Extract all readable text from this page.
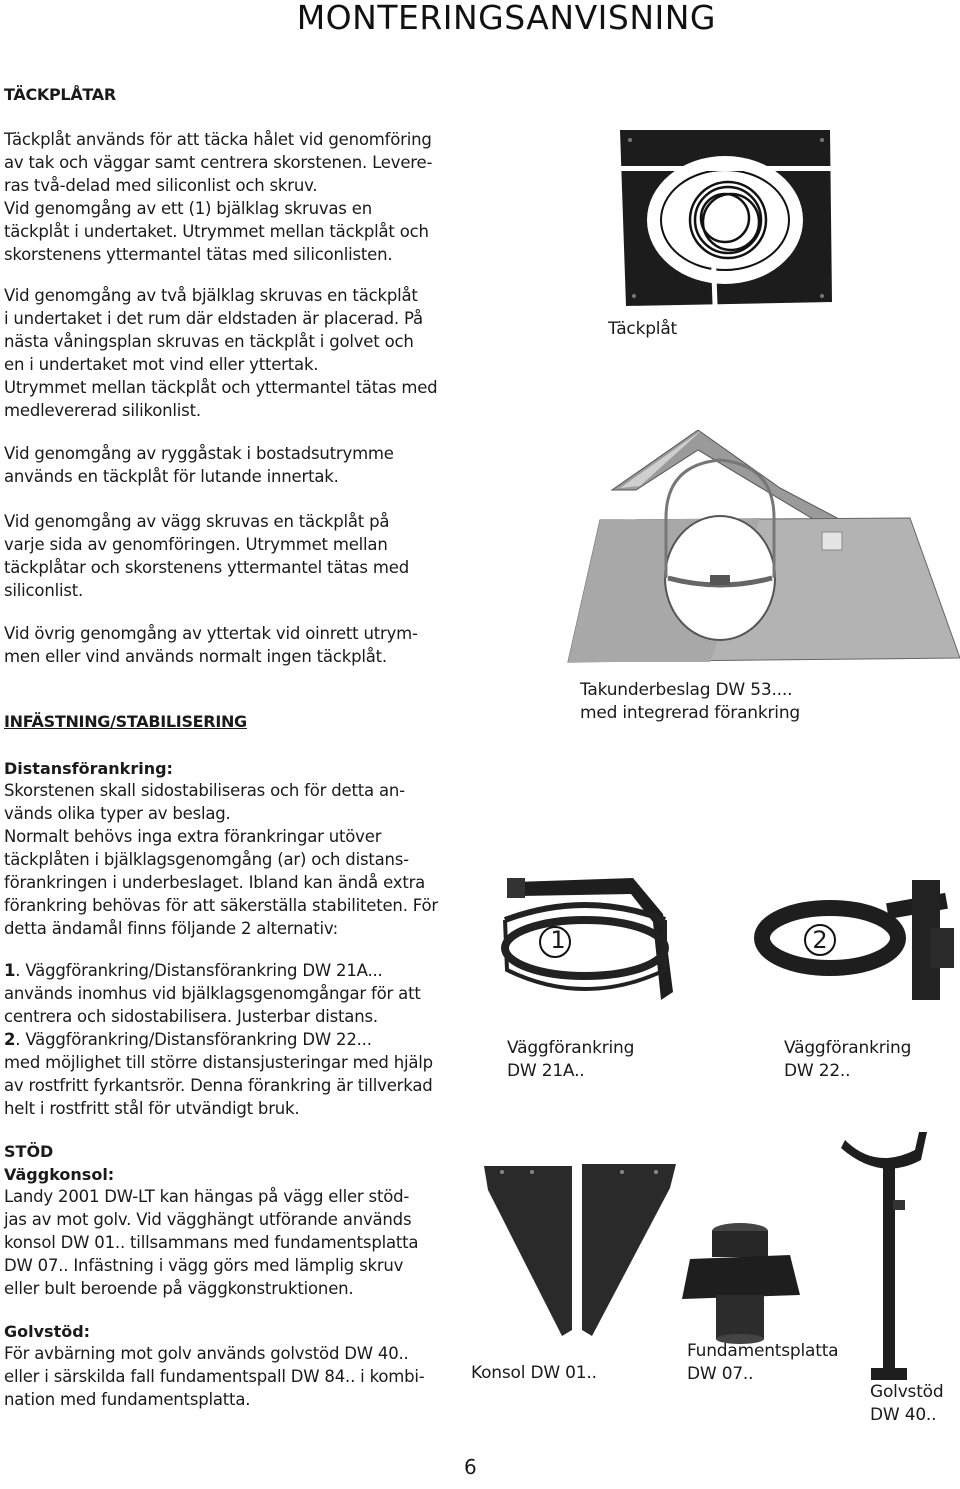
MONTERINGSANVISNING
TÄCKPLÅTAR
Täckplåt används för att täcka hålet vid genomföring
av tak och väggar samt centrera skorstenen. Levere-
ras två-delad med siliconlist och skruv.
Vid genomgång av ett (1) bjälklag skruvas en
täckplåt i undertaket. Utrymmet mellan täckplåt och
skorstenens yttermantel tätas med siliconlisten.
Vid genomgång av två bjälklag skruvas en täckplåt
i undertaket i det rum där eldstaden är placerad. På
nästa våningsplan skruvas en täckplåt i golvet och
en i undertaket mot vind eller yttertak.
Utrymmet mellan täckplåt och yttermantel tätas med
medlevererad silikonlist.
Vid genomgång av ryggåstak i bostadsutrymme
används en täckplåt för lutande innertak.
Vid genomgång av vägg skruvas en täckplåt på
varje sida av genomföringen. Utrymmet mellan
täckplåtar och skorstenens yttermantel tätas med
siliconlist.
Vid övrig genomgång av yttertak vid oinrett utrym-
men eller vind används normalt ingen täckplåt.
Täckplåt
Takunderbeslag DW 53....
med integrerad förankring
INFÄSTNING/STABILISERING
Distansförankring:
Skorstenen skall sidostabiliseras och för detta an-
vänds olika typer av beslag.
Normalt behövs inga extra förankringar utöver
täckplåten i bjälklagsgenomgång (ar) och distans-
förankringen i underbeslaget. Ibland kan ändå extra
förankring behövas för att säkerställa stabiliteten. För
detta ändamål finns följande 2 alternativ:
1. Väggförankring/Distansförankring DW 21A...
används inomhus vid bjälklagsgenomgångar för att
centrera och sidostabilisera. Justerbar distans.
2. Väggförankring/Distansförankring DW 22...
med möjlighet till större distansjusteringar med hjälp
av rostfritt fyrkantsrör. Denna förankring är tillverkad
helt i rostfritt stål för utvändigt bruk.
1	2
Väggförankring
DW 21A..
Väggförankring
DW 22..
STÖD
Väggkonsol:
Landy 2001 DW-LT kan hängas på vägg eller stöd-
jas av mot golv. Vid vägghängt utförande används
konsol DW 01.. tillsammans med fundamentsplatta
DW 07.. Infästning i vägg görs med lämplig skruv
eller bult beroende på väggkonstruktionen.
Golvstöd:
För avbärning mot golv används golvstöd DW 40..
eller i särskilda fall fundamentspall DW 84.. i kombi-
nation med fundamentsplatta.
Konsol DW 01..
Fundamentsplatta
DW 07..
Golvstöd
DW 40..
6
